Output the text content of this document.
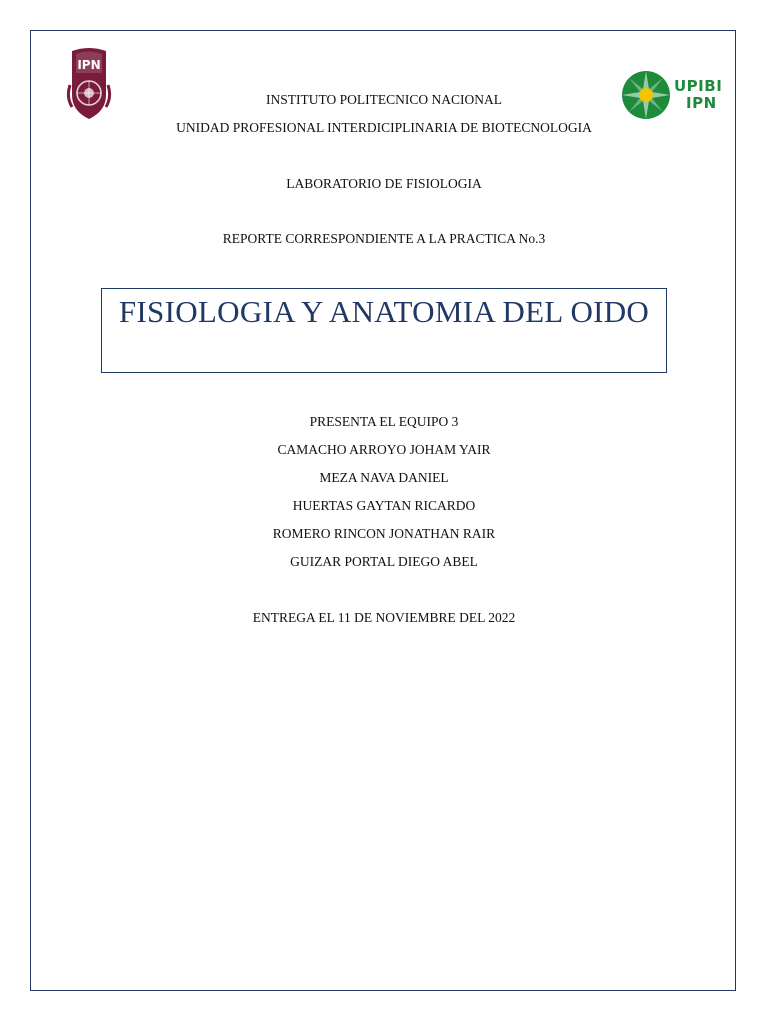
IPN
UPIBI
IPN
INSTITUTO POLITECNICO NACIONAL
UNIDAD PROFESIONAL INTERDICIPLINARIA DE BIOTECNOLOGIA
LABORATORIO DE FISIOLOGIA
REPORTE CORRESPONDIENTE A LA PRACTICA No.3
FISIOLOGIA Y ANATOMIA DEL OIDO
PRESENTA EL EQUIPO 3
CAMACHO ARROYO JOHAM YAIR
MEZA NAVA DANIEL
HUERTAS GAYTAN RICARDO
ROMERO RINCON JONATHAN RAIR
GUIZAR PORTAL DIEGO ABEL
ENTREGA EL 11 DE NOVIEMBRE DEL 2022
